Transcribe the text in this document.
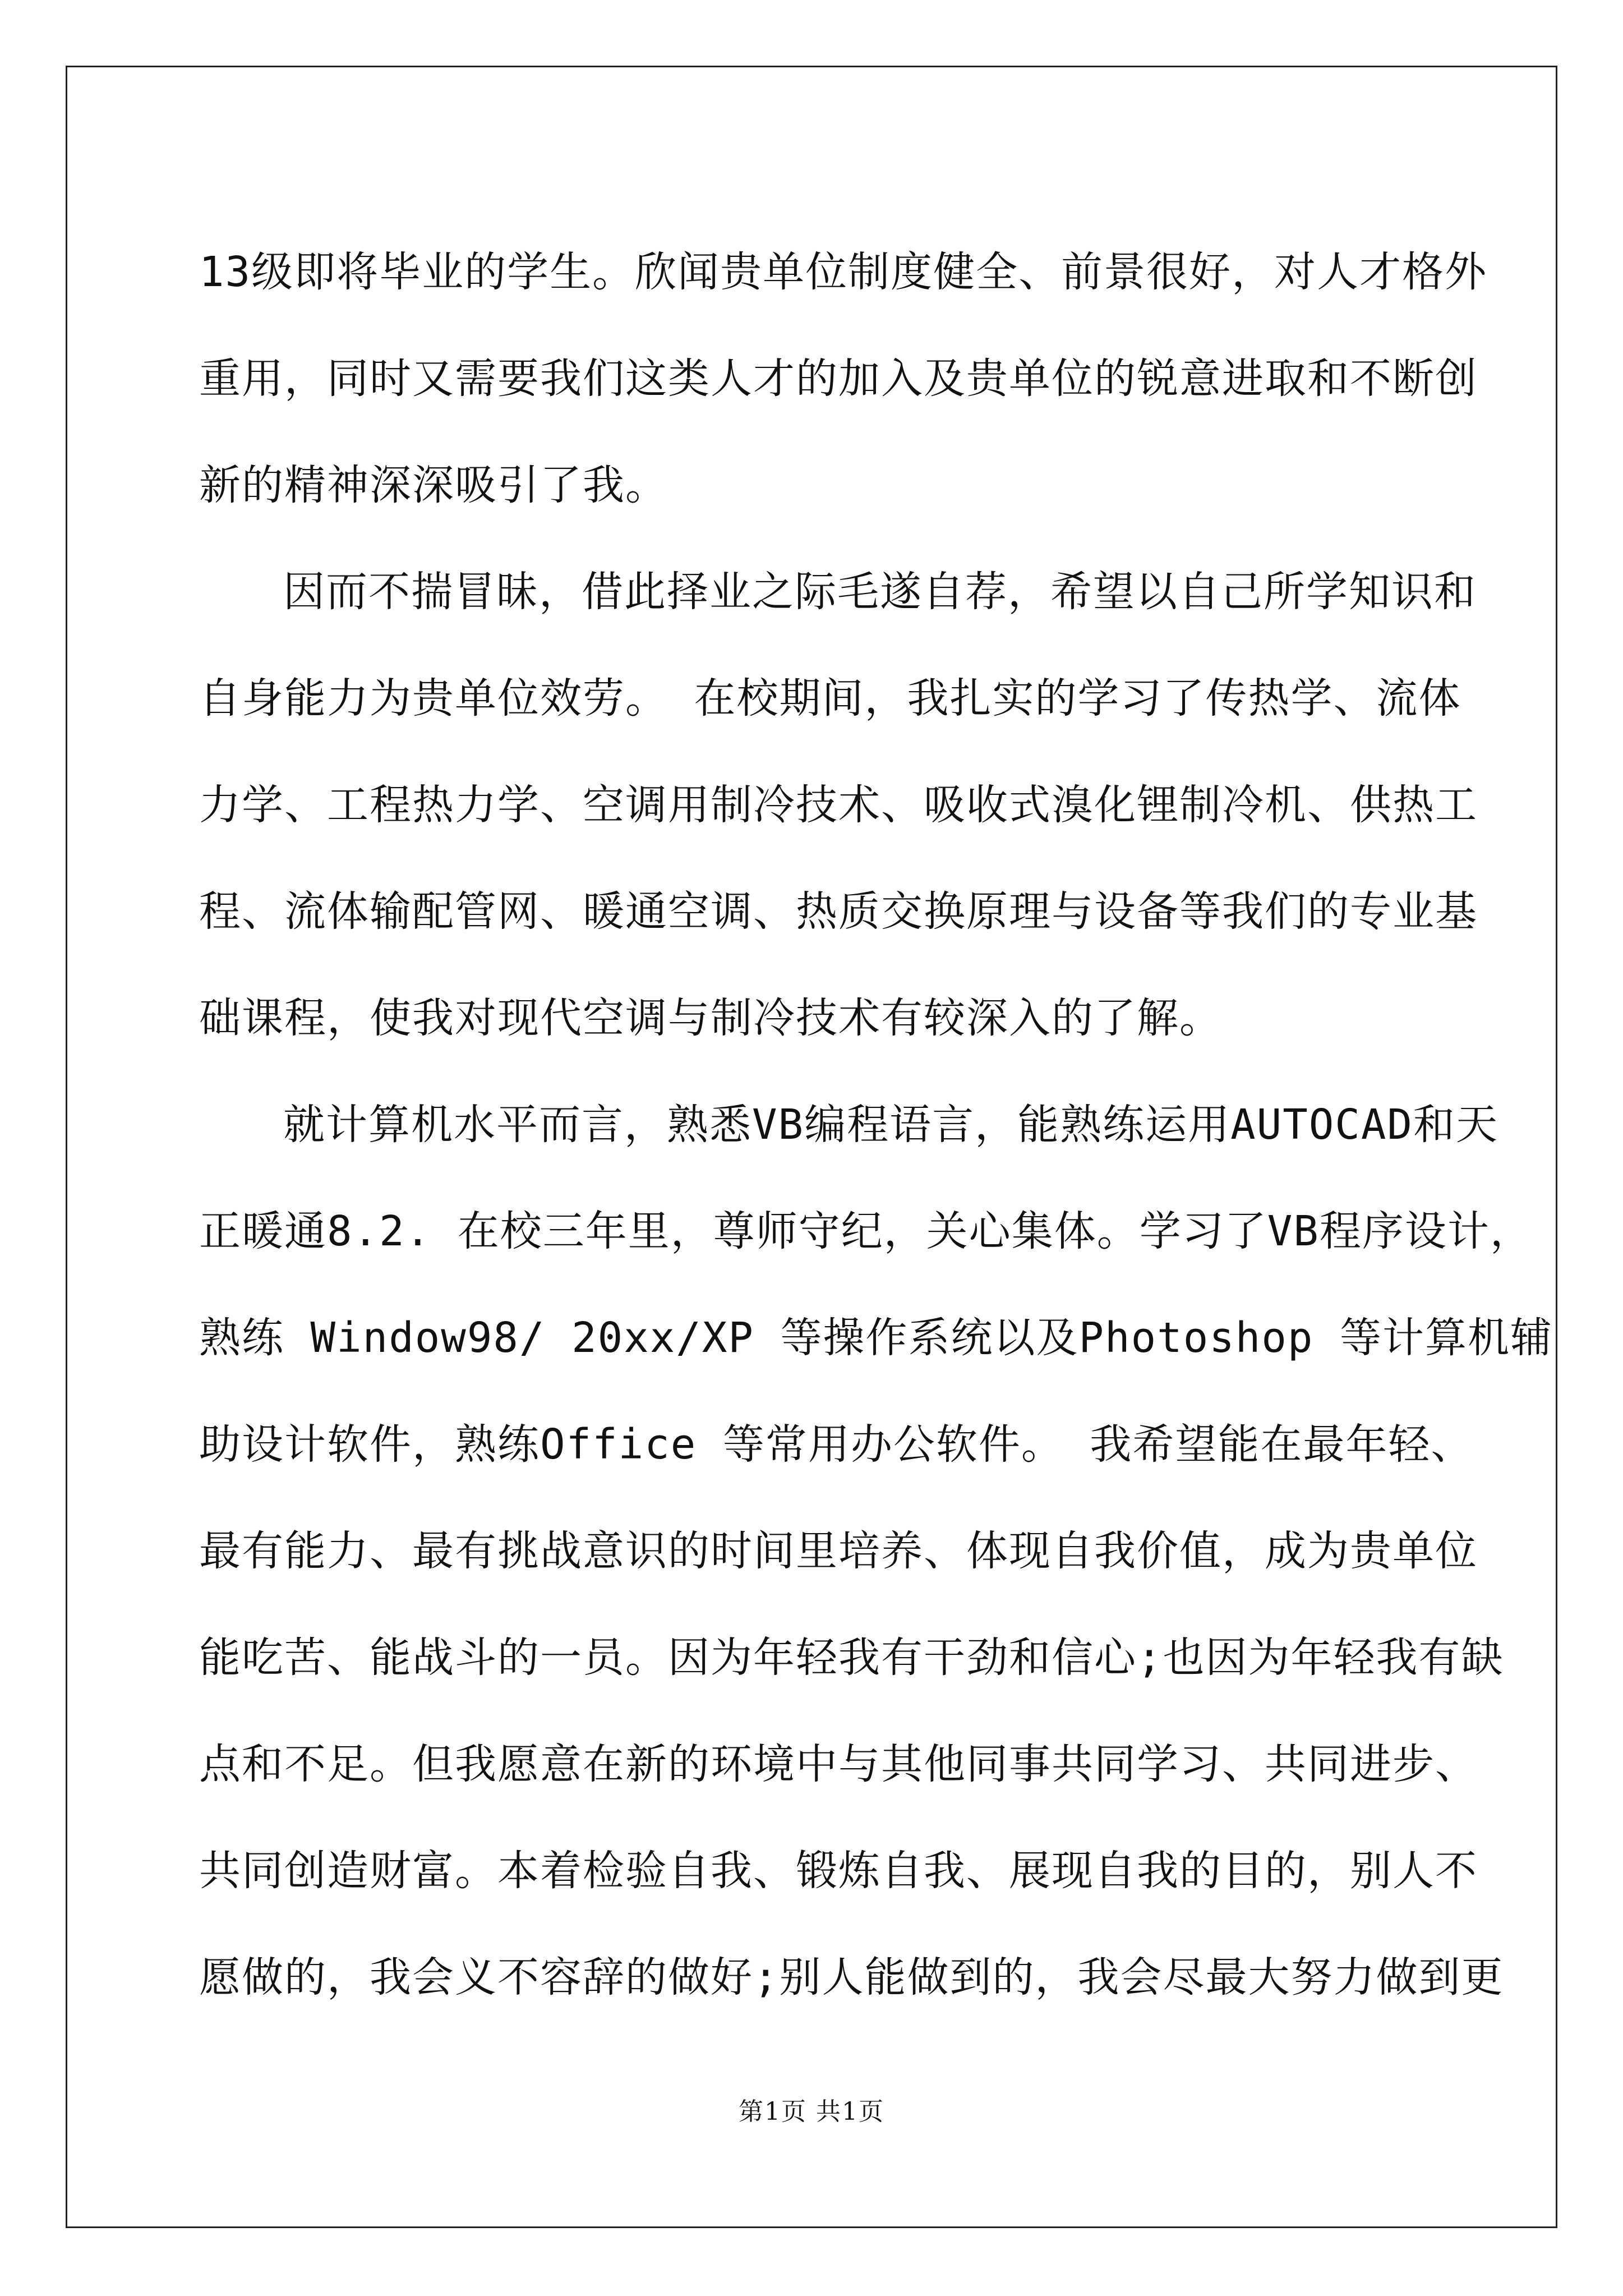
13级即将毕业的学生。欣闻贵单位制度健全、前景很好，对人才格外
重用，同时又需要我们这类人才的加入及贵单位的锐意进取和不断创
新的精神深深吸引了我。
因而不揣冒昧，借此择业之际毛遂自荐，希望以自己所学知识和
自身能力为贵单位效劳。 在校期间，我扎实的学习了传热学、流体
力学、工程热力学、空调用制冷技术、吸收式溴化锂制冷机、供热工
程、流体输配管网、暖通空调、热质交换原理与设备等我们的专业基
础课程，使我对现代空调与制冷技术有较深入的了解。
就计算机水平而言，熟悉VB编程语言，能熟练运用AUTOCAD和天
正暖通8.2. 在校三年里，尊师守纪，关心集体。学习了VB程序设计，
熟练 Window98/ 20xx/XP 等操作系统以及Photoshop 等计算机辅
助设计软件，熟练Office 等常用办公软件。 我希望能在最年轻、
最有能力、最有挑战意识的时间里培养、体现自我价值，成为贵单位
能吃苦、能战斗的一员。因为年轻我有干劲和信心;也因为年轻我有缺
点和不足。但我愿意在新的环境中与其他同事共同学习、共同进步、
共同创造财富。本着检验自我、锻炼自我、展现自我的目的，别人不
愿做的，我会义不容辞的做好;别人能做到的，我会尽最大努力做到更
第1页 共1页
